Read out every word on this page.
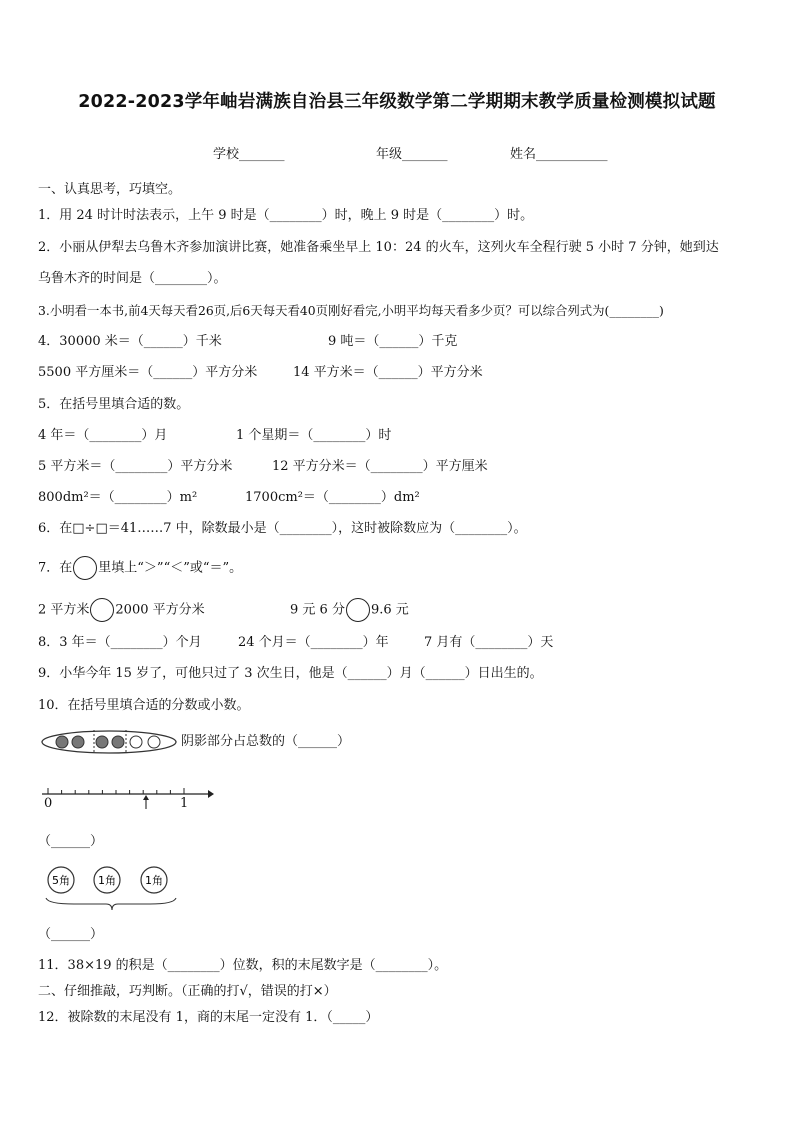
2022-2023学年岫岩满族自治县三年级数学第二学期期末教学质量检测模拟试题
学校_______	年级_______	姓名___________
一、认真思考，巧填空。
1．用 24 时计时法表示，上午 9 时是（________）时，晚上 9 时是（________）时。
2．小丽从伊犁去乌鲁木齐参加演讲比赛，她准备乘坐早上 10：24 的火车，这列火车全程行驶 5 小时 7 分钟，她到达
乌鲁木齐的时间是（________）。
3.小明看一本书,前4天每天看26页,后6天每天看40页刚好看完,小明平均每天看多少页？可以综合列式为(________)
4．30000 米＝（______）千米	9 吨＝（______）千克
5500 平方厘米＝（______）平方分米	14 平方米＝（______）平方分米
5．在括号里填合适的数。
4 年＝（________）月	1 个星期＝（________）时
5 平方米＝（________）平方分米	12 平方分米＝（________）平方厘米
800dm²＝（________）m²	1700cm²＝（________）dm²
6．在□÷□＝41……7 中，除数最小是（________），这时被除数应为（________）。
7．在 里填上“＞”“＜”或“＝”。
2 平方米 2000 平方分米	9 元 6 分 9.6 元
8．3 年＝（________）个月	24 个月＝（________）年	7 月有（________）天
9．小华今年 15 岁了，可他只过了 3 次生日，他是（______）月（______）日出生的。
10．在括号里填合适的分数或小数。
阴影部分占总数的（______）
0	1
（______）
5角	1角	1角
（______）
11．38×19 的积是（________）位数，积的末尾数字是（________）。
二、仔细推敲，巧判断。（正确的打√，错误的打×）
12．被除数的末尾没有 1，商的末尾一定没有 1．（_____）
